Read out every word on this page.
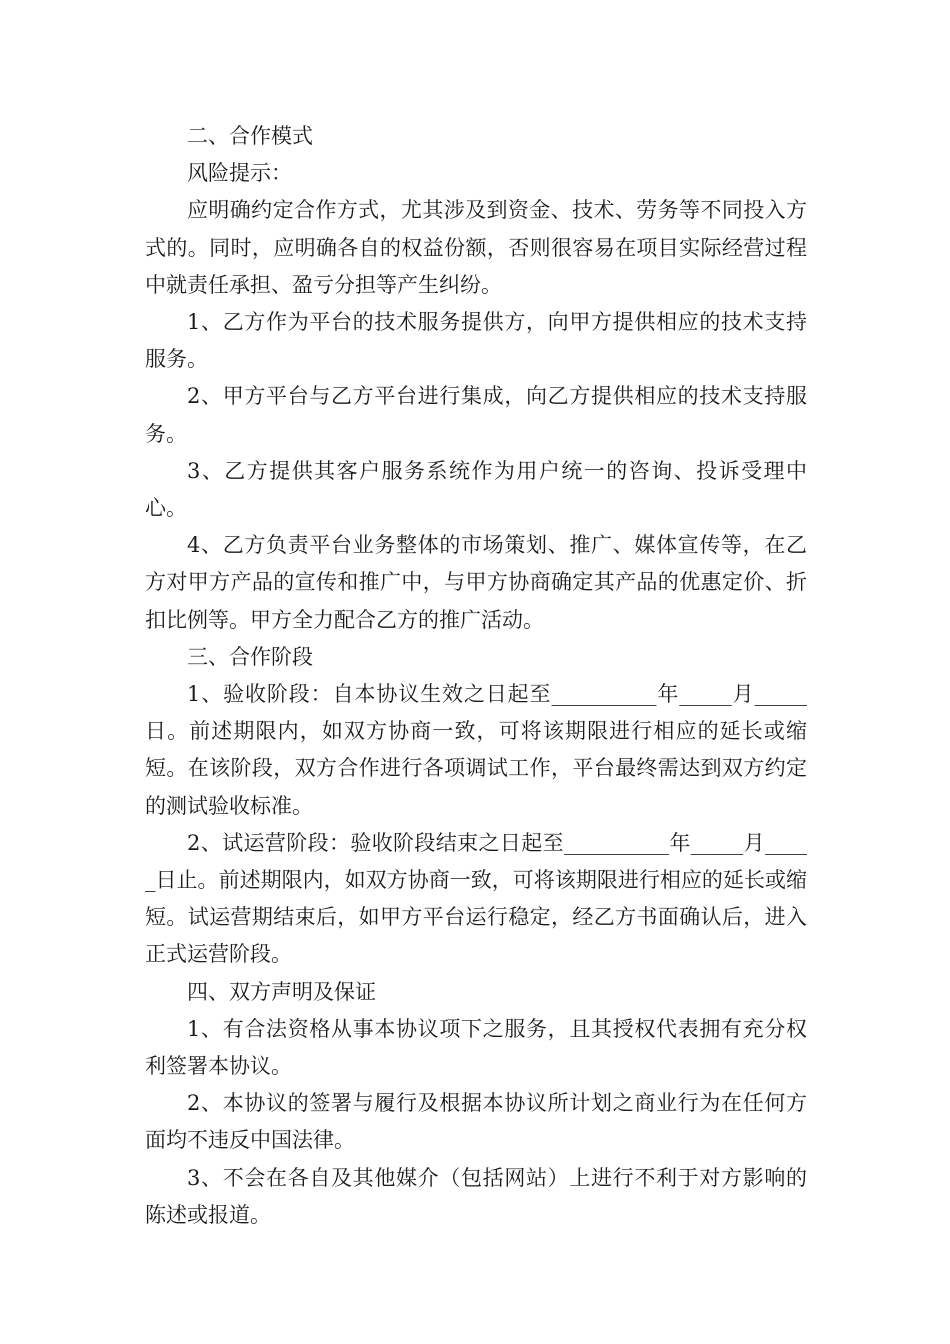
二、合作模式

风险提示：

应明确约定合作方式，尤其涉及到资金、技术、劳务等不同投入方式的。同时，应明确各自的权益份额，否则很容易在项目实际经营过程中就责任承担、盈亏分担等产生纠纷。

1、乙方作为平台的技术服务提供方，向甲方提供相应的技术支持服务。

2、甲方平台与乙方平台进行集成，向乙方提供相应的技术支持服务。

3、乙方提供其客户服务系统作为用户统一的咨询、投诉受理中心。

4、乙方负责平台业务整体的市场策划、推广、媒体宣传等，在乙方对甲方产品的宣传和推广中，与甲方协商确定其产品的优惠定价、折扣比例等。甲方全力配合乙方的推广活动。

三、合作阶段

1、验收阶段：自本协议生效之日起至__________年_____月_____日。前述期限内，如双方协商一致，可将该期限进行相应的延长或缩短。在该阶段，双方合作进行各项调试工作，平台最终需达到双方约定的测试验收标准。

2、试运营阶段：验收阶段结束之日起至__________年_____月_____日止。前述期限内，如双方协商一致，可将该期限进行相应的延长或缩短。试运营期结束后，如甲方平台运行稳定，经乙方书面确认后，进入正式运营阶段。

四、双方声明及保证

1、有合法资格从事本协议项下之服务，且其授权代表拥有充分权利签署本协议。

2、本协议的签署与履行及根据本协议所计划之商业行为在任何方面均不违反中国法律。

3、不会在各自及其他媒介（包括网站）上进行不利于对方影响的陈述或报道。
